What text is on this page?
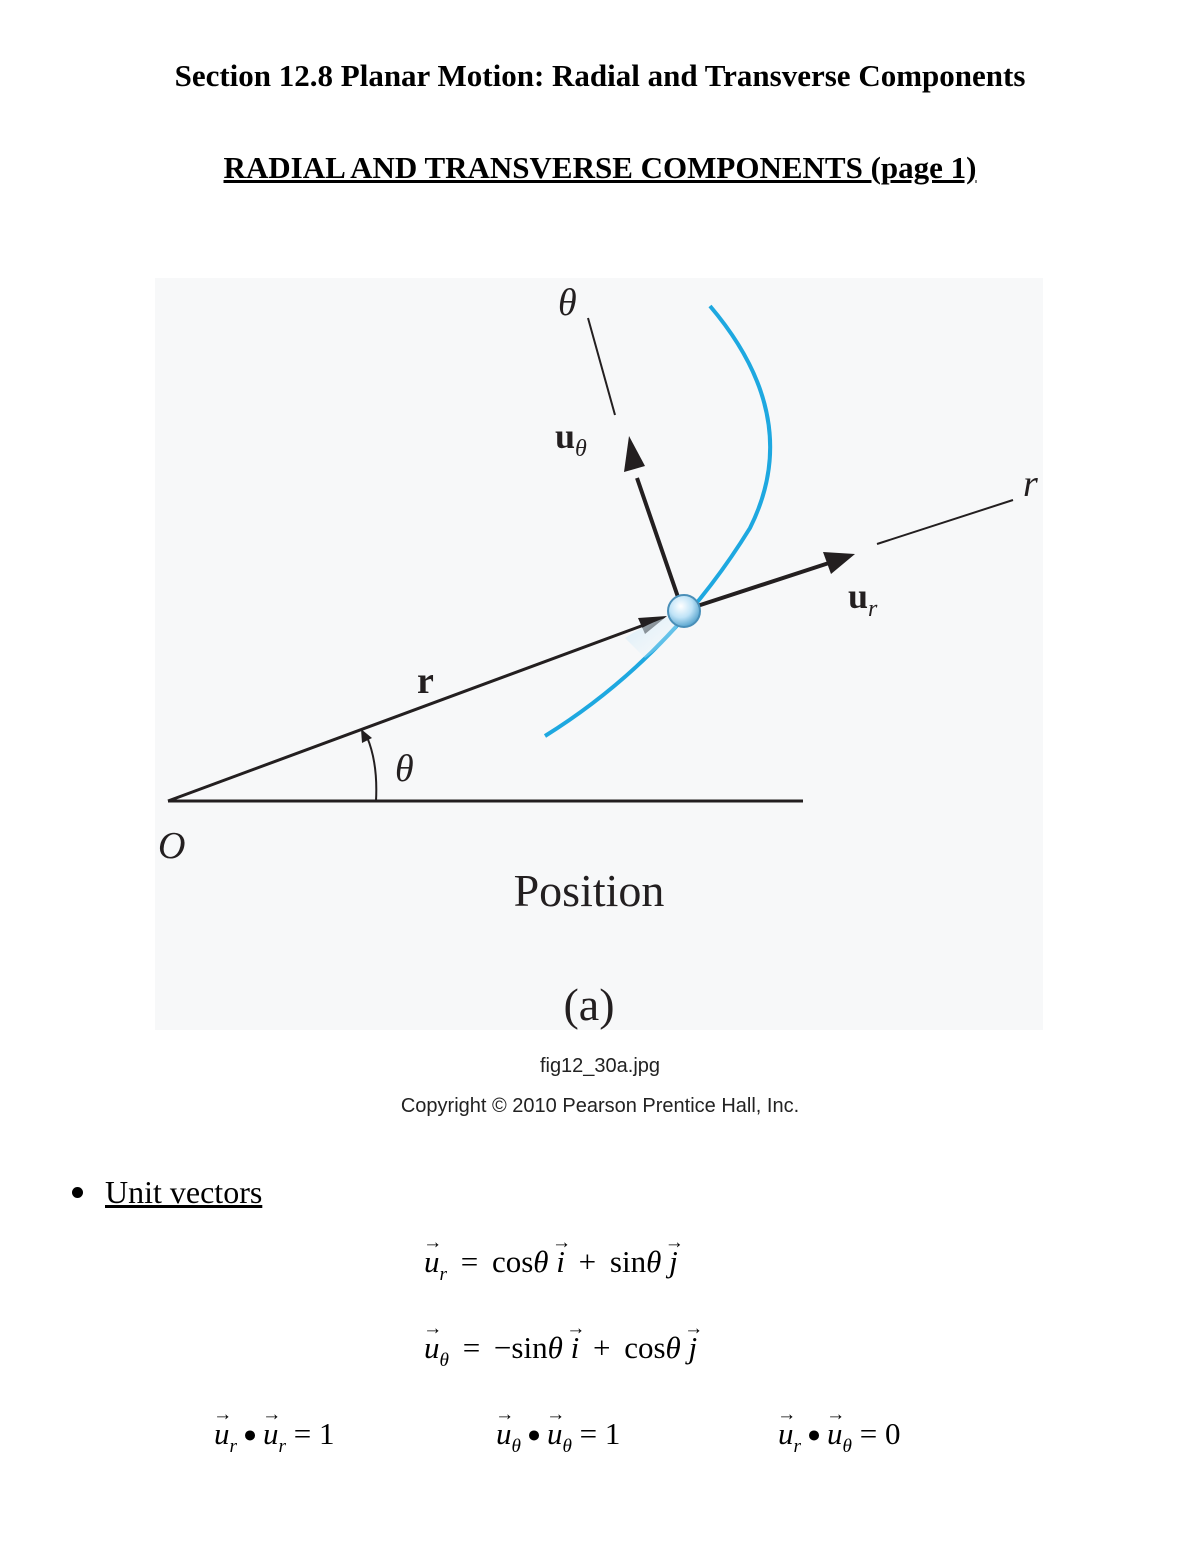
Section 12.8 Planar Motion: Radial and Transverse Components
RADIAL AND TRANSVERSE COMPONENTS (page 1)
O
θ
$u_\theta$
r
$u_r$
r
θ
Position
(a)
fig12_30a.jpg
Copyright © 2010 Pearson Prentice Hall, Inc.
Unit vectors
→ $u_r = \cos\theta \to i + \sin\theta \to j$
→ $u_\theta = -\sin\theta \to i + \cos\theta \to j$
→ $u_r$ ● → $u_r = 1$	→ $u_\theta$ ● → $u_\theta = 1$	→ $u_r$ ● → $u_\theta = 0$
